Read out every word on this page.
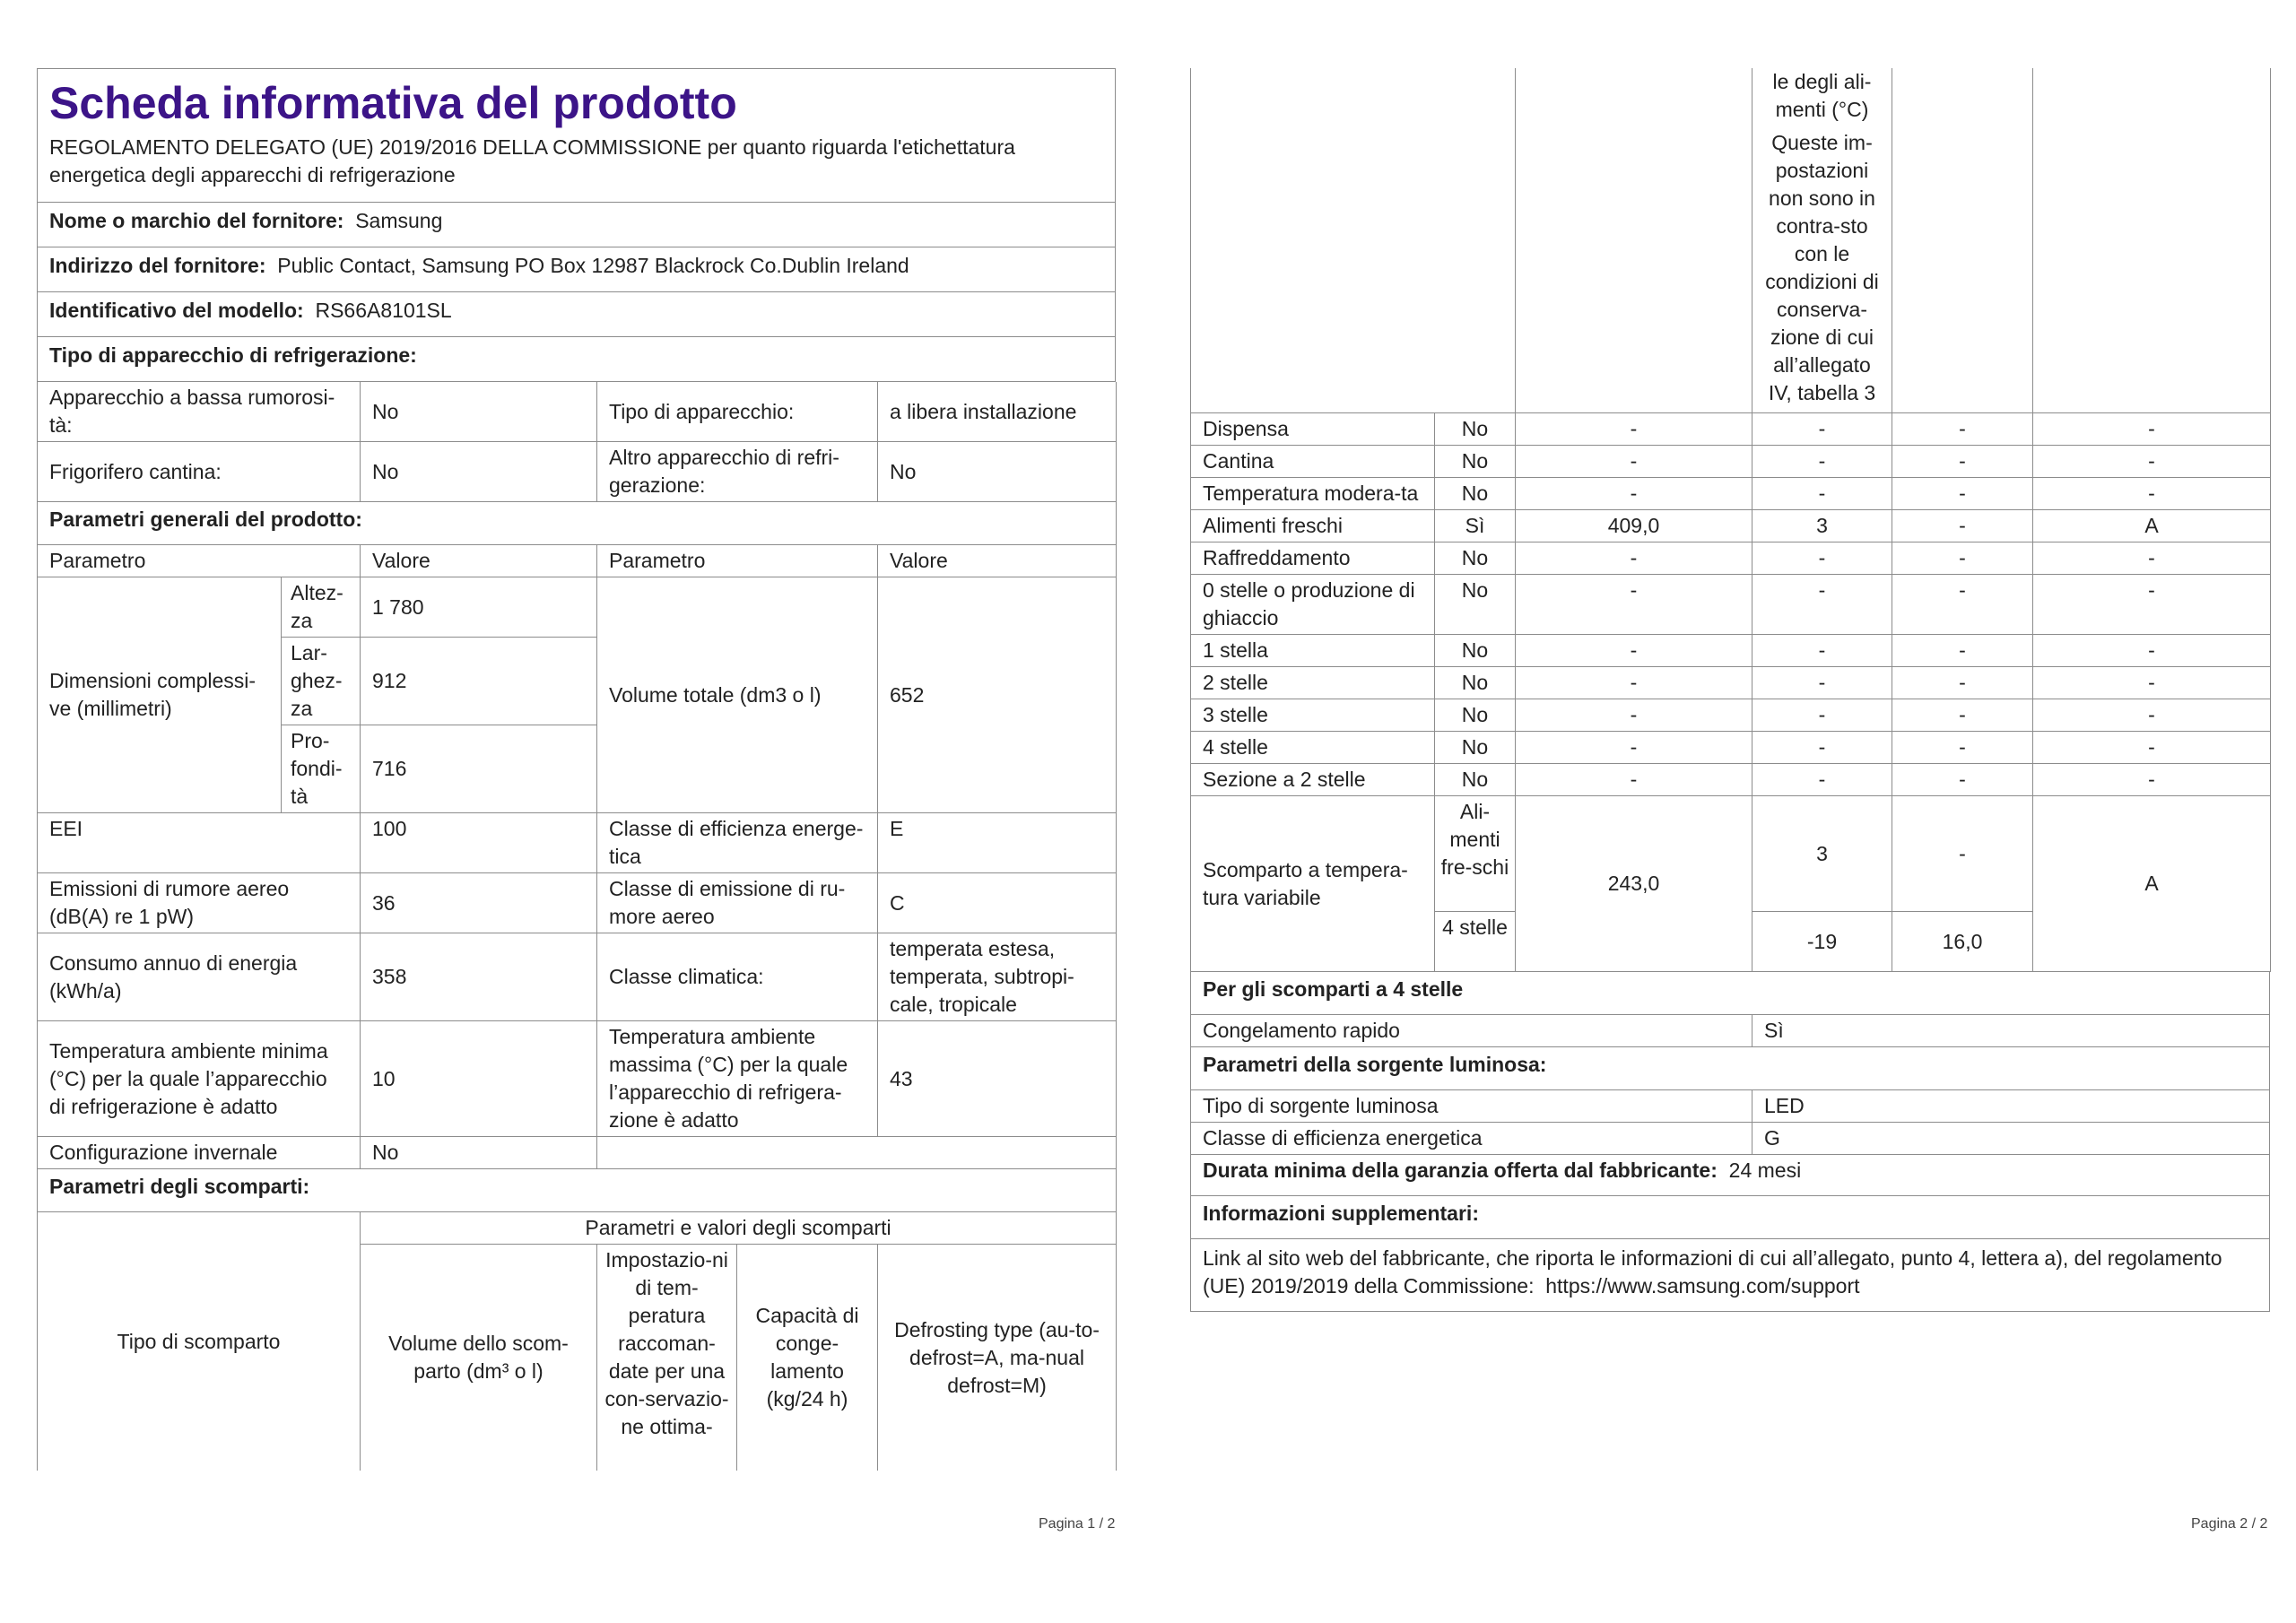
Scheda informativa del prodotto

REGOLAMENTO DELEGATO (UE) 2019/2016 DELLA COMMISSIONE per quanto riguarda l'etichettatura energetica degli apparecchi di refrigerazione
Nome o marchio del fornitore: Samsung
Indirizzo del fornitore: Public Contact, Samsung PO Box 12987 Blackrock Co.Dublin Ireland
Identificativo del modello: RS66A8101SL
Tipo di apparecchio di refrigerazione:
Apparecchio a bassa rumorosi-tà:	No	Tipo di apparecchio:	a libera installazione
Frigorifero cantina:	No	Altro apparecchio di refri-gerazione:	No
Parametri generali del prodotto:			
Parametro		Valore	Parametro	Valore
Dimensioni complessi-ve (millimetri)	Altez-za	1 780	Volume totale (dm3 o l)	652
	Lar-ghez-za	912		
	Pro-fondi-tà	716		
EEI		100	Classe di efficienza energe-tica	E
Emissioni di rumore aereo (dB(A) re 1 pW)		36	Classe di emissione di ru-more aereo	C
Consumo annuo di energia (kWh/a)		358	Classe climatica:	temperata estesa, temperata, subtropi-cale, tropicale
Temperatura ambiente minima (°C) per la quale l’apparecchio di refrigerazione è adatto		10	Temperatura ambiente massima (°C) per la quale l’apparecchio di refrigera-zione è adatto	43
Configurazione invernale		No		
Parametri degli scomparti:				
Tipo di scomparto	Parametri e valori degli scomparti			
	Volume dello scom-parto (dm³ o l)	Impostazio-ni di tem-peratura raccoman-date per una con-servazio-ne ottima-	Capacità di conge-lamento (kg/24 h)	Defrosting type (au-to-defrost=A, ma-nual defrost=M)
Pagina 1 / 2

			le degli ali-menti (°C)
Queste im-postazioni non sono in contra-sto con le condizioni di conserva-zione di cui all’allegato IV, tabella 3		

Dispensa	No	-	-	-	-
Cantina	No	-	-	-	-
Temperatura modera-ta	No	-	-	-	-
Alimenti freschi	Sì	409,0	3	-	A
Raffreddamento	No	-	-	-	-
0 stelle o produzione di ghiaccio	No	-	-	-	-
1 stella	No	-	-	-	-
2 stelle	No	-	-	-	-
3 stelle	No	-	-	-	-
4 stelle	No	-	-	-	-
Sezione a 2 stelle	No	-	-	-	-
Scomparto a tempera-tura variabile	Ali-menti fre-schi	243,0	3	-	A
	4 stelle		-19	16,0	
Per gli scomparti a 4 stelle	
Congelamento rapido	Sì
Parametri della sorgente luminosa:	
Tipo di sorgente luminosa	LED
Classe di efficienza energetica	G
Durata minima della garanzia offerta dal fabbricante: 24 mesi	
Informazioni supplementari:	
Link al sito web del fabbricante, che riporta le informazioni di cui all’allegato, punto 4, lettera a), del regolamento (UE) 2019/2019 della Commissione: https://www.samsung.com/support	
Pagina 2 / 2
